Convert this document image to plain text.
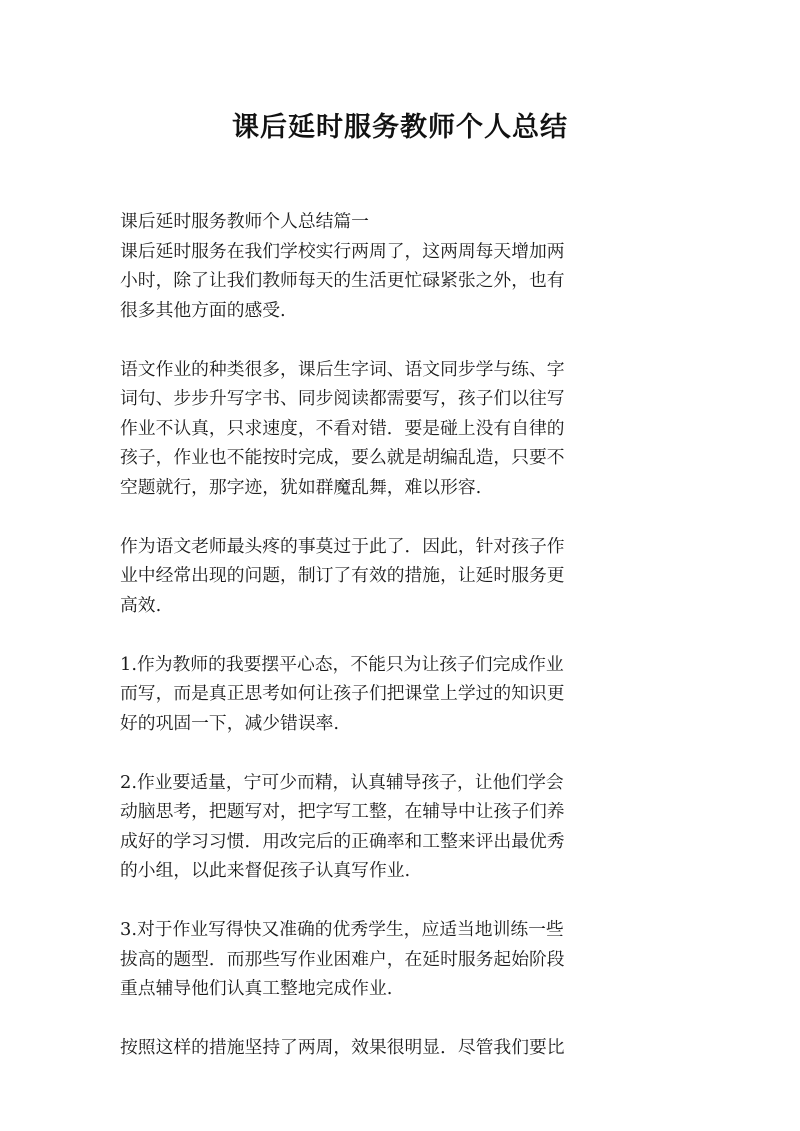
课后延时服务教师个人总结
课后延时服务教师个人总结篇一
课后延时服务在我们学校实行两周了，这两周每天增加两
小时，除了让我们教师每天的生活更忙碌紧张之外，也有
很多其他方面的感受.
语文作业的种类很多，课后生字词、语文同步学与练、字
词句、步步升写字书、同步阅读都需要写，孩子们以往写
作业不认真，只求速度，不看对错．要是碰上没有自律的
孩子，作业也不能按时完成，要么就是胡编乱造，只要不
空题就行，那字迹，犹如群魔乱舞，难以形容.
作为语文老师最头疼的事莫过于此了．因此，针对孩子作
业中经常出现的问题，制订了有效的措施，让延时服务更
高效.
1.作为教师的我要摆平心态，不能只为让孩子们完成作业
而写，而是真正思考如何让孩子们把课堂上学过的知识更
好的巩固一下，减少错误率.
2.作业要适量，宁可少而精，认真辅导孩子，让他们学会
动脑思考，把题写对，把字写工整，在辅导中让孩子们养
成好的学习习惯．用改完后的正确率和工整来评出最优秀
的小组，以此来督促孩子认真写作业.
3.对于作业写得快又准确的优秀学生，应适当地训练一些
拔高的题型．而那些写作业困难户，在延时服务起始阶段
重点辅导他们认真工整地完成作业.
按照这样的措施坚持了两周，效果很明显．尽管我们要比
